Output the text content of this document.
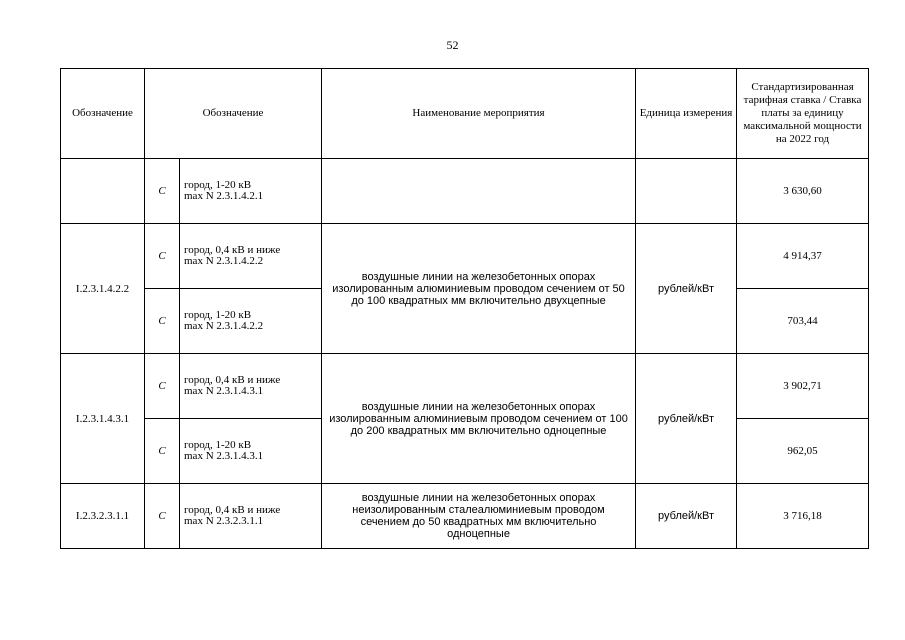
52
Обозначение	Обозначение		Наименование мероприятия	Единица измерения	Стандартизированная тарифная ставка / Ставка платы за единицу максимальной мощности на 2022 год
	C	город, 1-20 кВ
max N 2.3.1.4.2.1			3 630,60
I.2.3.1.4.2.2	C	город, 0,4 кВ и ниже
max N 2.3.1.4.2.2	воздушные линии на железобетонных опорах изолированным алюминиевым проводом сечением от 50 до 100 квадратных мм включительно двухцепные	рублей/кВт	4 914,37
	C	город, 1-20 кВ
max N 2.3.1.4.2.2			703,44
I.2.3.1.4.3.1	C	город, 0,4 кВ и ниже
max N 2.3.1.4.3.1	воздушные линии на железобетонных опорах изолированным алюминиевым проводом сечением от 100 до 200 квадратных мм включительно одноцепные	рублей/кВт	3 902,71
	C	город, 1-20 кВ
max N 2.3.1.4.3.1			962,05
I.2.3.2.3.1.1	C	город, 0,4 кВ и ниже
max N 2.3.2.3.1.1	воздушные линии на железобетонных опорах неизолированным сталеалюминиевым проводом сечением до 50 квадратных мм включительно одноцепные	рублей/кВт	3 716,18
